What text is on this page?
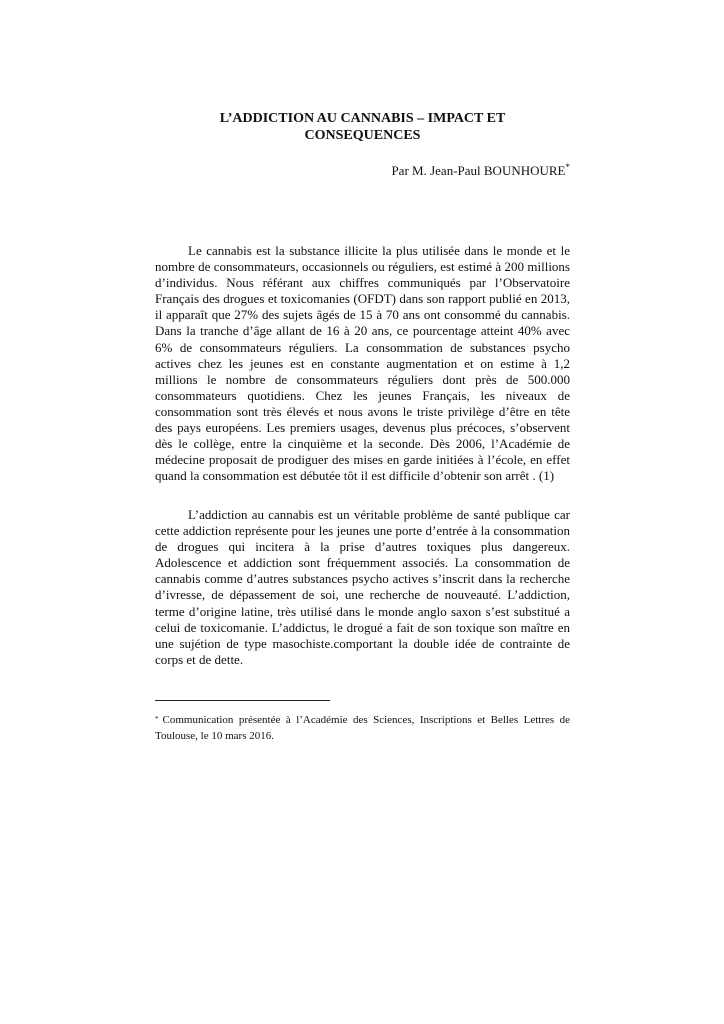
L’ADDICTION AU CANNABIS – IMPACT ET
CONSEQUENCES
Par M. Jean-Paul BOUNHOURE*
Le cannabis est la substance illicite la plus utilisée dans le monde et le nombre de consommateurs, occasionnels ou réguliers, est estimé à 200 millions d’individus. Nous référant aux chiffres communiqués par l’Observatoire Français des drogues et toxicomanies (OFDT) dans son rapport publié en 2013, il apparaît que 27% des sujets âgés de 15 à 70 ans ont consommé du cannabis. Dans la tranche d’âge allant de 16 à 20 ans, ce pourcentage atteint 40% avec 6% de consommateurs réguliers. La consommation de substances psycho actives chez les jeunes est en constante augmentation et on estime à 1,2 millions le nombre de consommateurs réguliers dont près de 500.000 consommateurs quotidiens. Chez les jeunes Français, les niveaux de consommation sont très élevés et nous avons le triste privilège d’être en tête des pays européens. Les premiers usages, devenus plus précoces, s’observent dès le collège, entre la cinquième et la seconde. Dès 2006, l’Académie de médecine proposait de prodiguer des mises en garde initiées à l’école, en effet quand la consommation est débutée tôt il est difficile d’obtenir son arrêt . (1)
L’addiction au cannabis est un véritable problème de santé publique car cette addiction représente pour les jeunes une porte d’entrée à la consommation de drogues qui incitera à la prise d’autres toxiques plus dangereux. Adolescence et addiction sont fréquemment associés. La consommation de cannabis comme d’autres substances psycho actives s’inscrit dans la recherche d’ivresse, de dépassement de soi, une recherche de nouveauté. L’addiction, terme d’origine latine, très utilisé dans le monde anglo saxon s’est substitué a celui de toxicomanie. L’addictus, le drogué a fait de son toxique son maître en une sujétion de type masochiste.comportant la double idée de contrainte de corps et de dette.
* Communication présentée à l’Académie des Sciences, Inscriptions et Belles Lettres de Toulouse, le 10 mars 2016.
